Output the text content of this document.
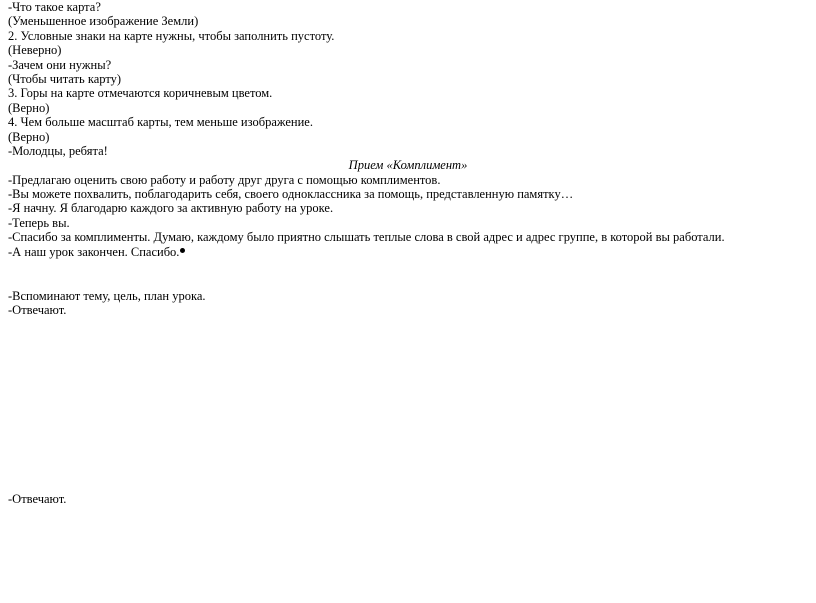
-Что такое карта?
(Уменьшенное изображение Земли)
2. Условные знаки на карте нужны, чтобы заполнить пустоту.
(Неверно)
-Зачем они нужны?
(Чтобы читать карту)
3. Горы на карте отмечаются коричневым цветом.
(Верно)
4. Чем больше масштаб карты, тем меньше изображение.
(Верно)
-Молодцы, ребята!
Прием «Комплимент»
-Предлагаю оценить свою работу и работу друг друга с помощью комплиментов.
-Вы можете похвалить, поблагодарить себя, своего одноклассника за помощь, представленную памятку…
-Я начну. Я благодарю каждого за активную работу на уроке.
-Теперь вы.
-Спасибо за комплименты. Думаю, каждому было приятно слышать теплые слова в свой адрес и адрес группе, в которой вы работали.
-А наш урок закончен. Спасибо.
-Вспоминают тему, цель, план урока.
-Отвечают.
-Отвечают.
